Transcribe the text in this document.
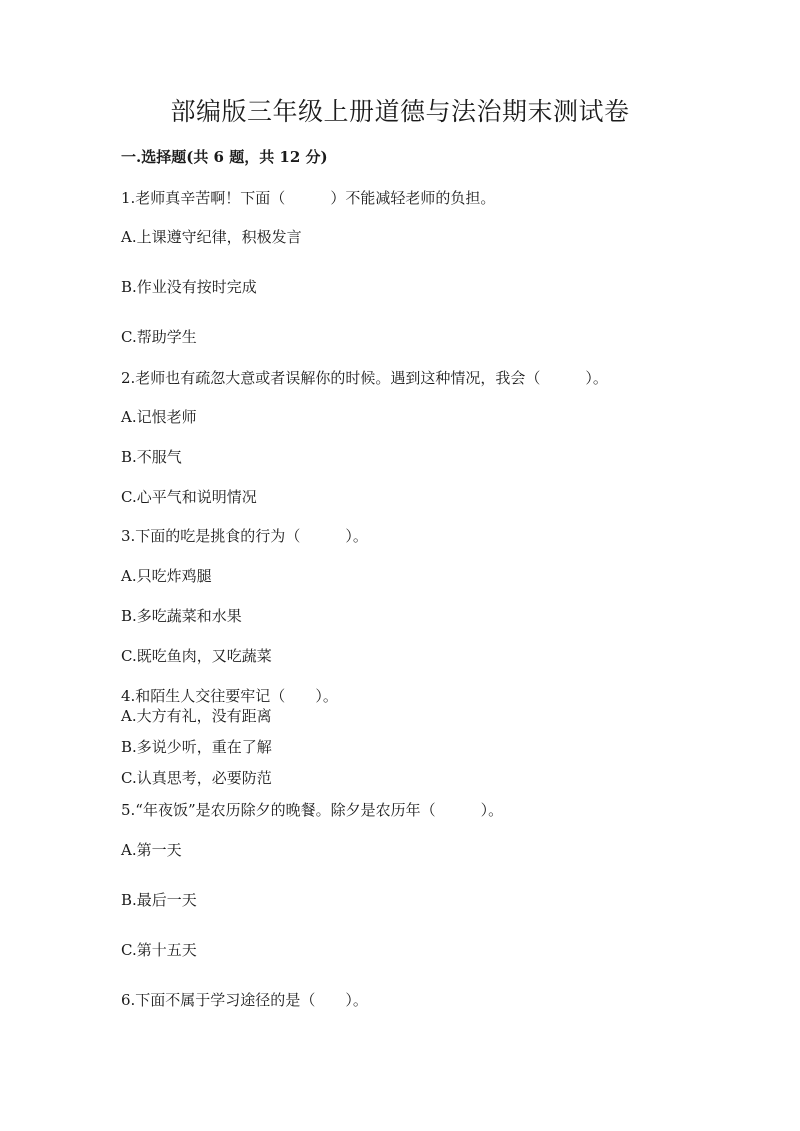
部编版三年级上册道德与法治期末测试卷
一.选择题(共 6 题，共 12 分)
1.老师真辛苦啊！下面（　　　）不能减轻老师的负担。
A.上课遵守纪律，积极发言
B.作业没有按时完成
C.帮助学生
2.老师也有疏忽大意或者误解你的时候。遇到这种情况，我会（　　　）。
A.记恨老师
B.不服气
C.心平气和说明情况
3.下面的吃是挑食的行为（　　　）。
A.只吃炸鸡腿
B.多吃蔬菜和水果
C.既吃鱼肉，又吃蔬菜
4.和陌生人交往要牢记（　　）。
A.大方有礼，没有距离
B.多说少听，重在了解
C.认真思考，必要防范
5.“年夜饭”是农历除夕的晚餐。除夕是农历年（　　　）。
A.第一天
B.最后一天
C.第十五天
6.下面不属于学习途径的是（　　）。
